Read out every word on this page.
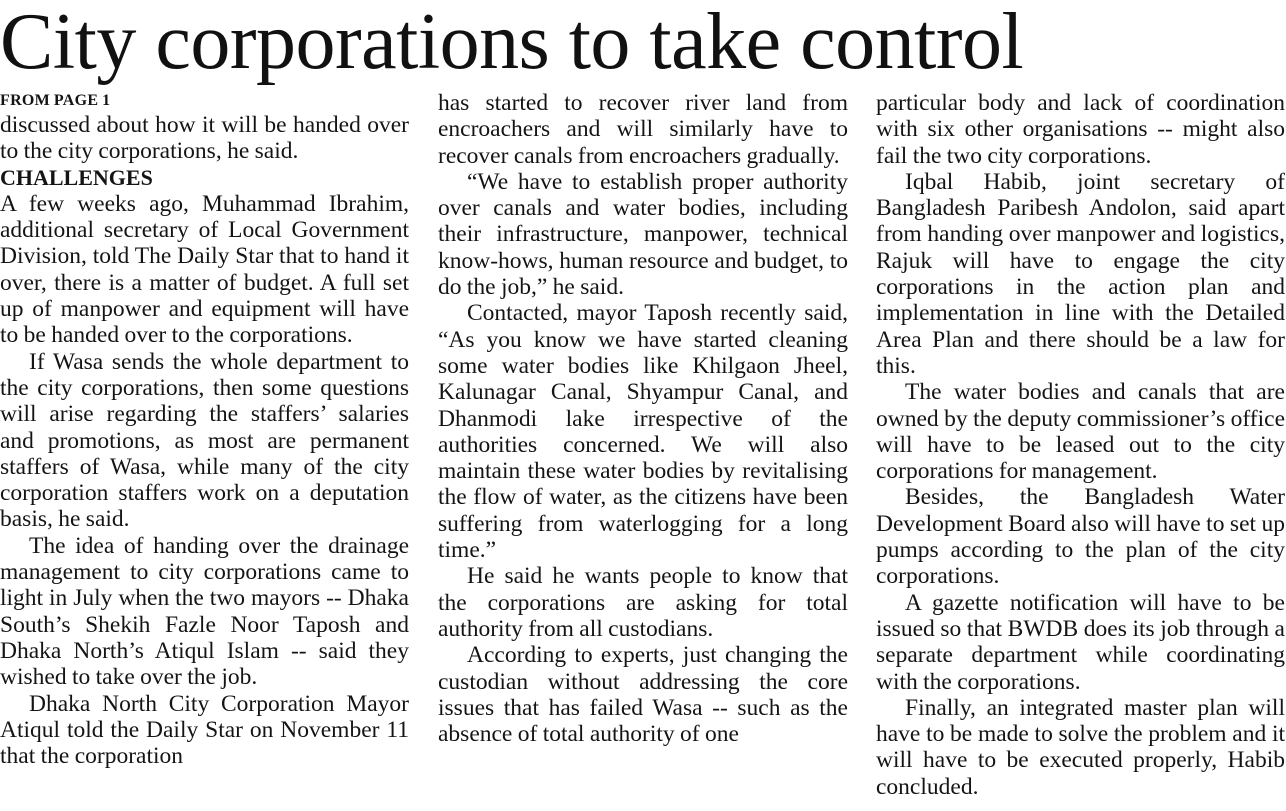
City corporations to take control
FROM PAGE 1

discussed about how it will be handed over to the city corporations, he said.

CHALLENGES

A few weeks ago, Muhammad Ibrahim, additional secretary of Local Government Division, told The Daily Star that to hand it over, there is a matter of budget. A full set up of manpower and equipment will have to be handed over to the corporations.

If Wasa sends the whole department to the city corporations, then some questions will arise regarding the staffers’ salaries and promotions, as most are permanent staffers of Wasa, while many of the city corporation staffers work on a deputation basis, he said.

The idea of handing over the drainage management to city corporations came to light in July when the two mayors -- Dhaka South’s Shekih Fazle Noor Taposh and Dhaka North’s Atiqul Islam -- said they wished to take over the job.

Dhaka North City Corporation Mayor Atiqul told the Daily Star on November 11 that the corporation

has started to recover river land from encroachers and will similarly have to recover canals from encroachers gradually.

“We have to establish proper authority over canals and water bodies, including their infrastructure, manpower, technical know-hows, human resource and budget, to do the job,” he said.

Contacted, mayor Taposh recently said, “As you know we have started cleaning some water bodies like Khilgaon Jheel, Kalunagar Canal, Shyampur Canal, and Dhanmodi lake irrespective of the authorities concerned. We will also maintain these water bodies by revitalising the flow of water, as the citizens have been suffering from waterlogging for a long time.”

He said he wants people to know that the corporations are asking for total authority from all custodians.

According to experts, just changing the custodian without addressing the core issues that has failed Wasa -- such as the absence of total authority of one

particular body and lack of coordination with six other organisations -- might also fail the two city corporations.

Iqbal Habib, joint secretary of Bangladesh Paribesh Andolon, said apart from handing over manpower and logistics, Rajuk will have to engage the city corporations in the action plan and implementation in line with the Detailed Area Plan and there should be a law for this.

The water bodies and canals that are owned by the deputy commissioner’s office will have to be leased out to the city corporations for management.

Besides, the Bangladesh Water Development Board also will have to set up pumps according to the plan of the city corporations.

A gazette notification will have to be issued so that BWDB does its job through a separate department while coordinating with the corporations.

Finally, an integrated master plan will have to be made to solve the problem and it will have to be executed properly, Habib concluded.
